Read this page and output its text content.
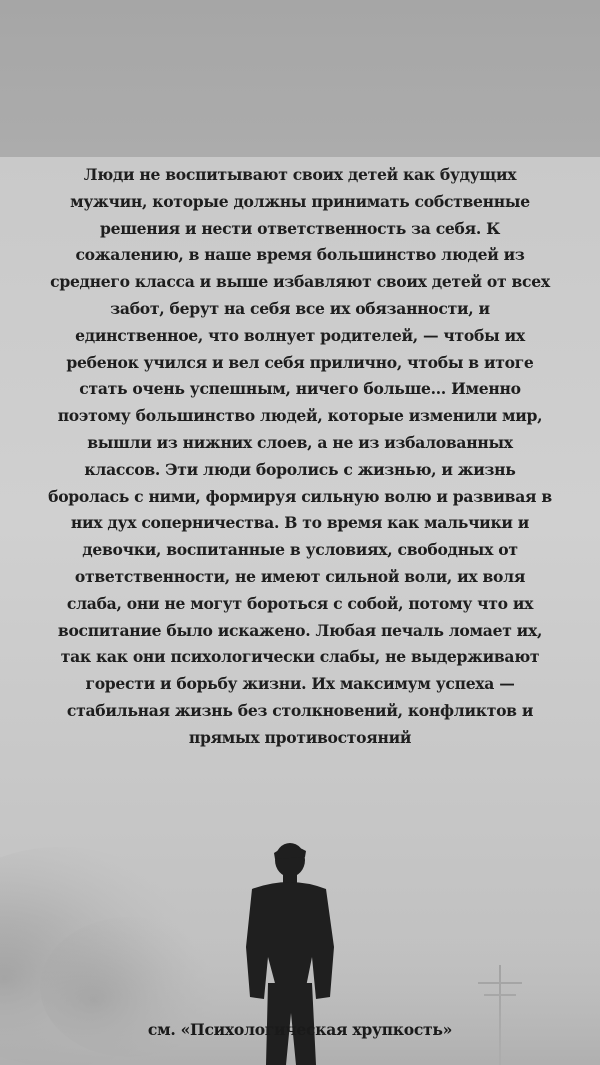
Люди не воспитывают своих детей как будущих
мужчин, которые должны принимать собственные
решения и нести ответственность за себя. К
сожалению, в наше время большинство людей из
среднего класса и выше избавляют своих детей от всех
забот, берут на себя все их обязанности, и
единственное, что волнует родителей, — чтобы их
ребенок учился и вел себя прилично, чтобы в итоге
стать очень успешным, ничего больше… Именно
поэтому большинство людей, которые изменили мир,
вышли из нижних слоев, а не из избалованных
классов. Эти люди боролись с жизнью, и жизнь
боролась с ними, формируя сильную волю и развивая в
них дух соперничества. В то время как мальчики и
девочки, воспитанные в условиях, свободных от
ответственности, не имеют сильной воли, их воля
слаба, они не могут бороться с собой, потому что их
воспитание было искажено. Любая печаль ломает их,
так как они психологически слабы, не выдерживают
горести и борьбу жизни. Их максимум успеха —
стабильная жизнь без столкновений, конфликтов и
прямых противостояний
см. «Психологическая хрупкость»
